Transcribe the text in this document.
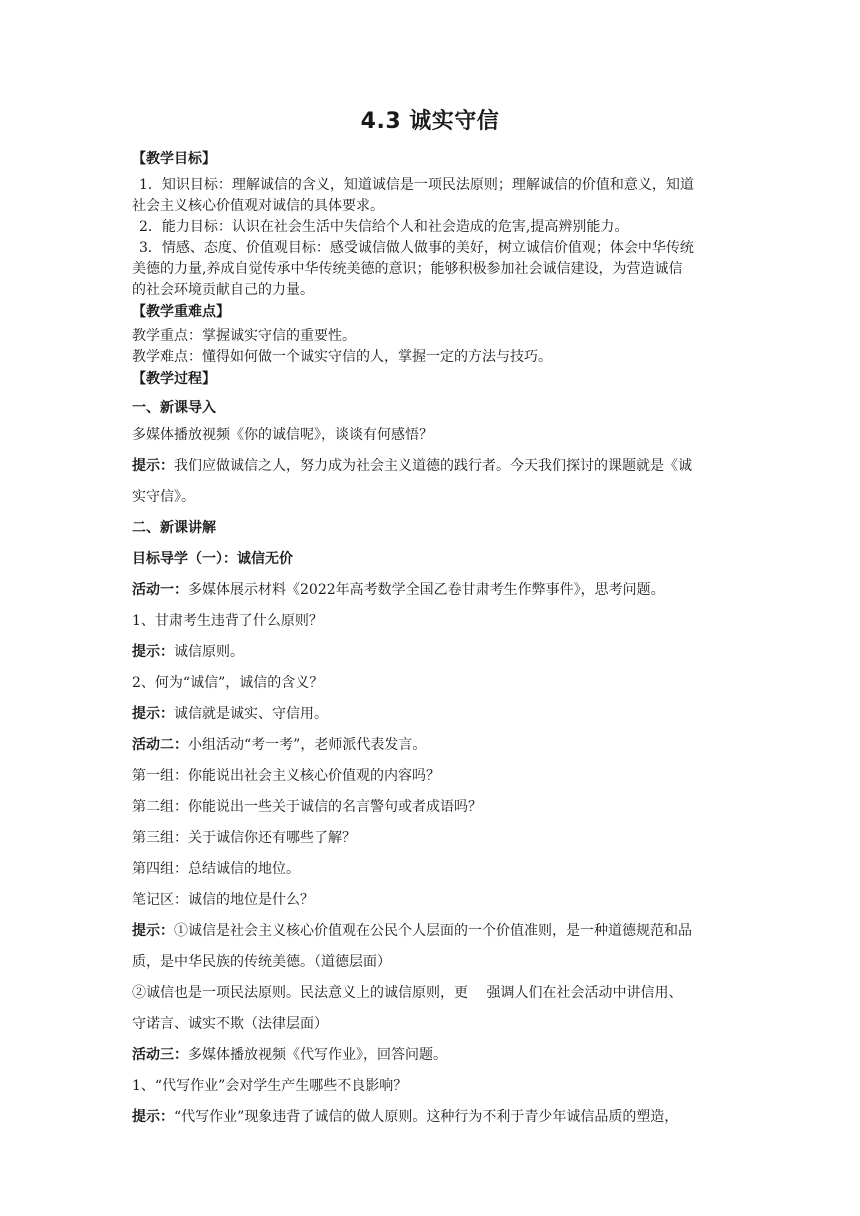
4.3 诚实守信
【教学目标】
1．知识目标：理解诚信的含义，知道诚信是一项民法原则；理解诚信的价值和意义，知道
社会主义核心价值观对诚信的具体要求。
2．能力目标：认识在社会生活中失信给个人和社会造成的危害,提高辨别能力。
3．情感、态度、价值观目标：感受诚信做人做事的美好，树立诚信价值观；体会中华传统
美德的力量,养成自觉传承中华传统美德的意识；能够积极参加社会诚信建设，为营造诚信
的社会环境贡献自己的力量。
【教学重难点】
教学重点：掌握诚实守信的重要性。
教学难点：懂得如何做一个诚实守信的人，掌握一定的方法与技巧。
【教学过程】
一、新课导入
多媒体播放视频《你的诚信呢》，谈谈有何感悟？
提示：我们应做诚信之人，努力成为社会主义道德的践行者。今天我们探讨的课题就是《诚
实守信》。
二、新课讲解
目标导学（一）：诚信无价
活动一：多媒体展示材料《2022年高考数学全国乙卷甘肃考生作弊事件》，思考问题。
1、甘肃考生违背了什么原则？
提示：诚信原则。
2、何为“诚信”，诚信的含义？
提示：诚信就是诚实、守信用。
活动二：小组活动“考一考”，老师派代表发言。
第一组：你能说出社会主义核心价值观的内容吗？
第二组：你能说出一些关于诚信的名言警句或者成语吗？
第三组：关于诚信你还有哪些了解？
第四组：总结诚信的地位。
笔记区：诚信的地位是什么？
提示：①诚信是社会主义核心价值观在公民个人层面的一个价值准则，是一种道德规范和品
质，是中华民族的传统美德。（道德层面）
②诚信也是一项民法原则。民法意义上的诚信原则，更　 强调人们在社会活动中讲信用、
守诺言、诚实不欺（法律层面）
活动三：多媒体播放视频《代写作业》，回答问题。
1、“代写作业”会对学生产生哪些不良影响？
提示：“代写作业”现象违背了诚信的做人原则。这种行为不利于青少年诚信品质的塑造，
